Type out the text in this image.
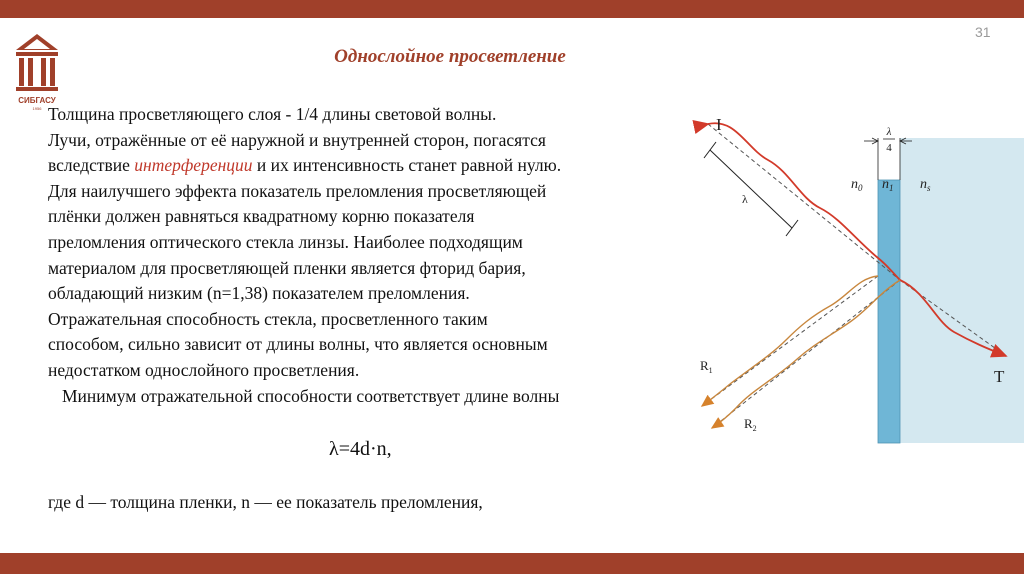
31
СИБГАСУ
1956
Однослойное просветление
Толщина просветляющего слоя - 1/4 длины световой волны.
Лучи, отражённые от её наружной и внутренней сторон, погасятся
вследствие интерференции и их интенсивность станет равной нулю.
Для наилучшего эффекта показатель преломления просветляющей
плёнки должен равняться квадратному корню показателя
преломления оптического стекла линзы. Наиболее подходящим
материалом для просветляющей пленки является фторид бария,
обладающий низким (n=1,38) показателем преломления.
Отражательная способность стекла, просветленного таким
способом, сильно зависит от длины волны, что является основным
недостатком однослойного просветления.
Минимум отражательной способности соответствует длине волны
λ=4d·n,
где d — толщина пленки, n — ее показатель преломления,
λ
4
$n_0$ $n_1$ $n_s$
I
λ
T
$R_1$
$R_2$
